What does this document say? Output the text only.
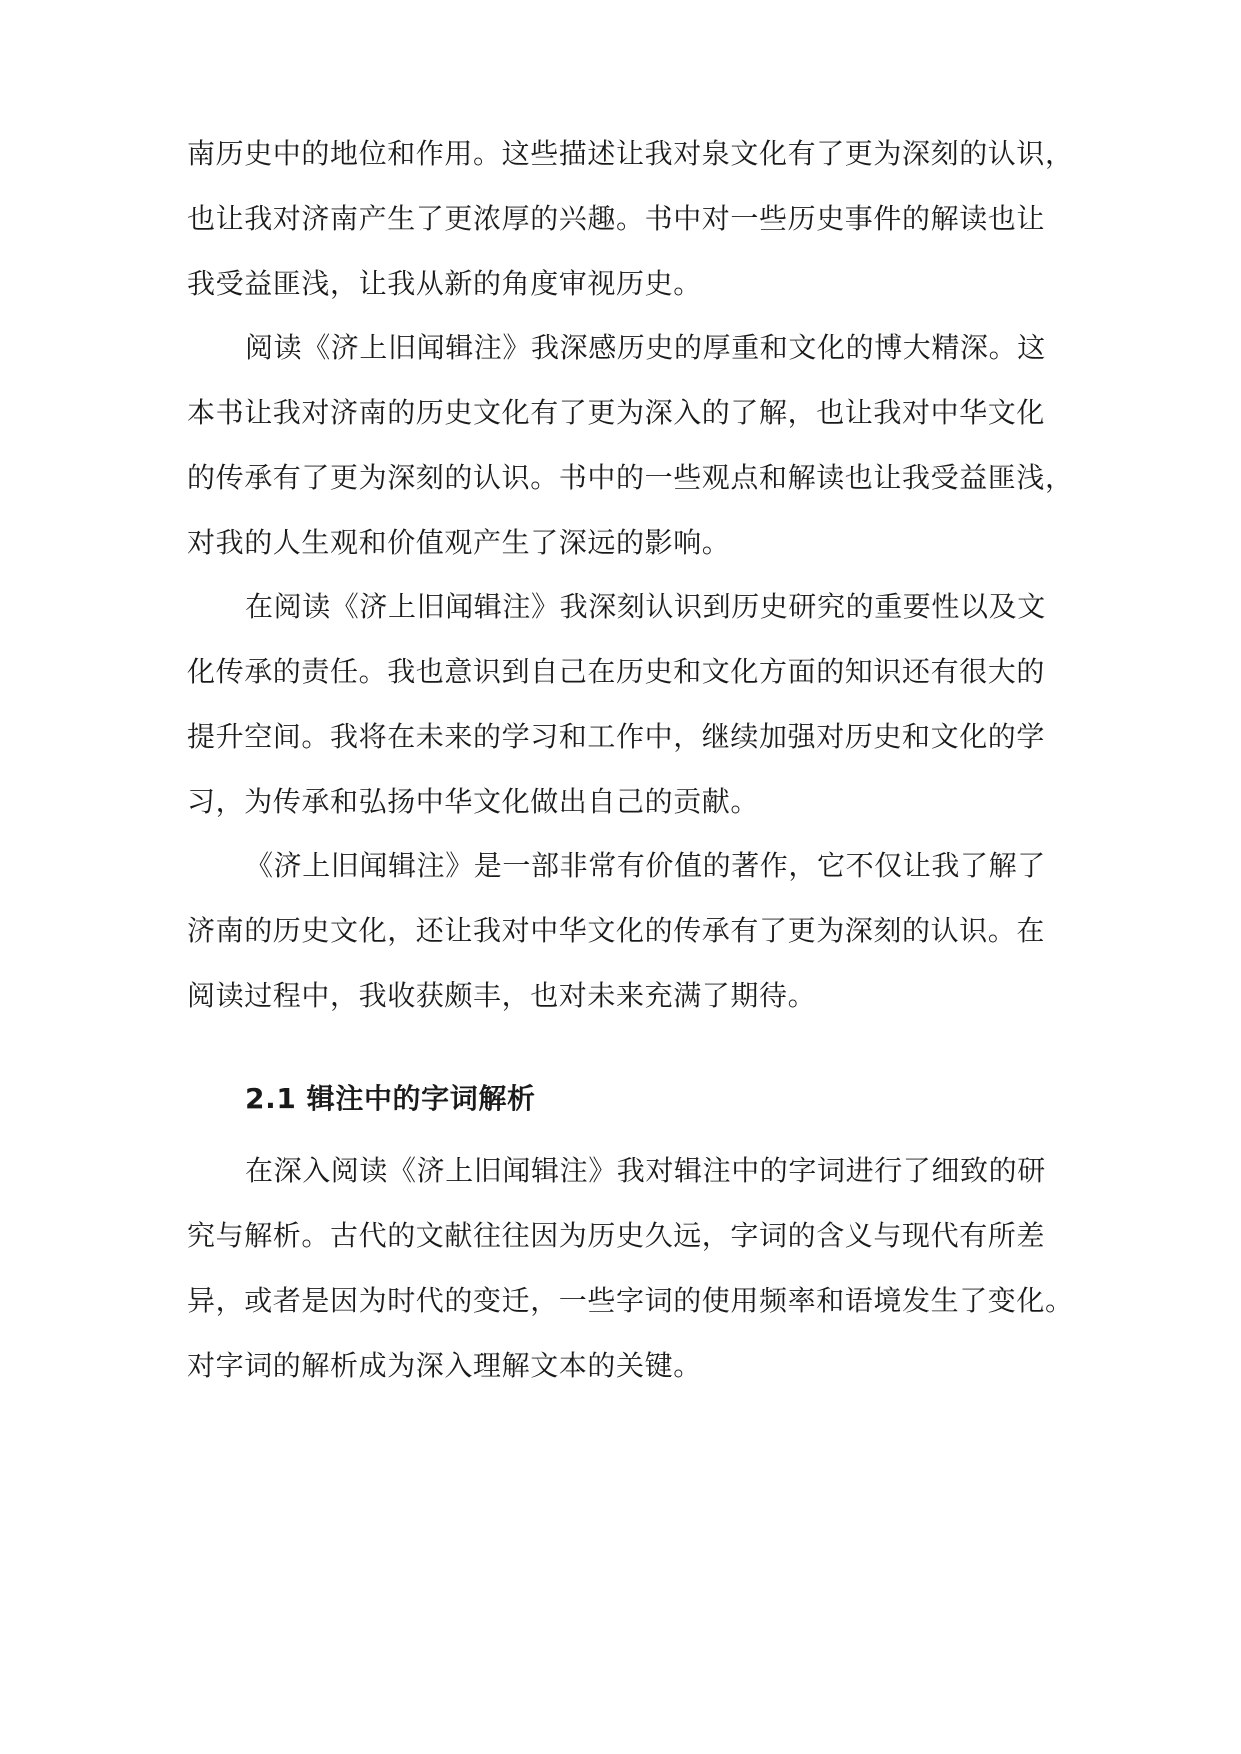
南历史中的地位和作用。这些描述让我对泉文化有了更为深刻的认识，
也让我对济南产生了更浓厚的兴趣。书中对一些历史事件的解读也让
我受益匪浅，让我从新的角度审视历史。
阅读《济上旧闻辑注》我深感历史的厚重和文化的博大精深。这
本书让我对济南的历史文化有了更为深入的了解，也让我对中华文化
的传承有了更为深刻的认识。书中的一些观点和解读也让我受益匪浅，
对我的人生观和价值观产生了深远的影响。
在阅读《济上旧闻辑注》我深刻认识到历史研究的重要性以及文
化传承的责任。我也意识到自己在历史和文化方面的知识还有很大的
提升空间。我将在未来的学习和工作中，继续加强对历史和文化的学
习，为传承和弘扬中华文化做出自己的贡献。
《济上旧闻辑注》是一部非常有价值的著作，它不仅让我了解了
济南的历史文化，还让我对中华文化的传承有了更为深刻的认识。在
阅读过程中，我收获颇丰，也对未来充满了期待。
2.1 辑注中的字词解析
在深入阅读《济上旧闻辑注》我对辑注中的字词进行了细致的研
究与解析。古代的文献往往因为历史久远，字词的含义与现代有所差
异，或者是因为时代的变迁，一些字词的使用频率和语境发生了变化。
对字词的解析成为深入理解文本的关键。
